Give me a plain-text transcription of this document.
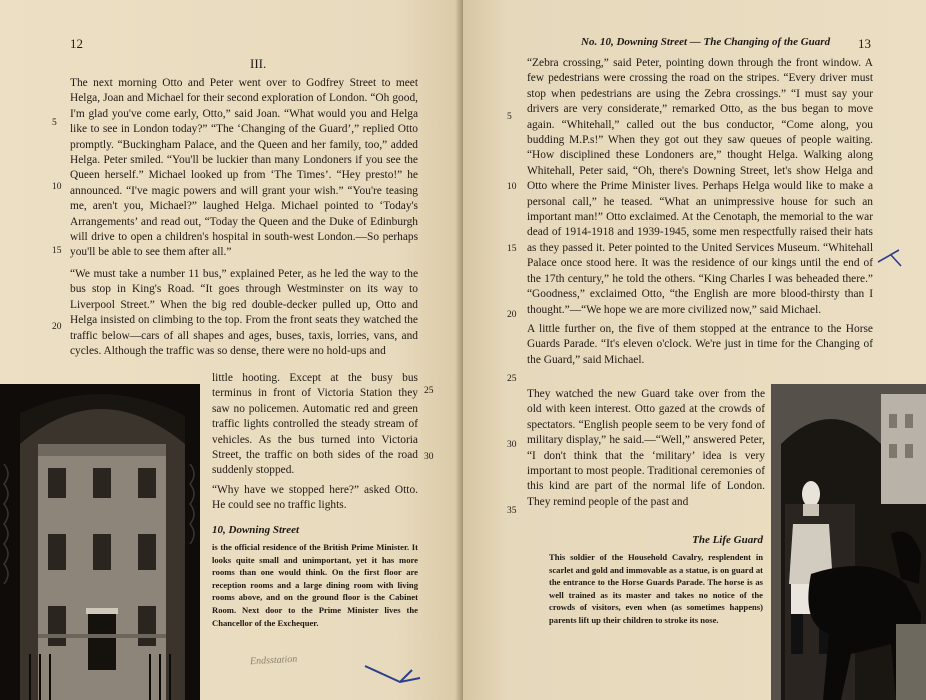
12
III.

The next morning Otto and Peter went over to Godfrey Street to meet Helga, Joan and Michael for their second exploration of London. “Oh good, I'm glad you've come early, Otto,” said Joan. “What would you and Helga like to see in London today?” “The ‘Changing of the Guard’,” replied Otto promptly. “Buckingham Palace, and the Queen and her family, too,” added Helga. Peter smiled. “You'll be luckier than many Londoners if you see the Queen herself.” Michael looked up from ‘The Times’. “Hey presto!” he announced. “I've magic powers and will grant your wish.” “You're teasing me, aren't you, Michael?” laughed Helga. Michael pointed to ‘Today's Arrangements’ and read out, “Today the Queen and the Duke of Edinburgh will drive to open a children's hospital in south-west London.—So perhaps you'll be able to see them after all.”

“We must take a number 11 bus,” explained Peter, as he led the way to the bus stop in King's Road. “It goes through Westminster on its way to Liverpool Street.” When the big red double-decker pulled up, Otto and Helga insisted on climbing to the top. From the front seats they watched the traffic below—cars of all shapes and ages, buses, taxis, lorries, vans, and cycles. Although the traffic was so dense, there were no hold-ups and

little hooting. Except at the busy bus terminus in front of Victoria Station they saw no policemen. Automatic red and green traffic lights controlled the steady stream of vehicles. As the bus turned into Victoria Street, the traffic on both sides of the road suddenly stopped.

“Why have we stopped here?” asked Otto. He could see no traffic lights.

5
10
15
20
25
30
10, Downing Street
is the official residence of the British Prime Minister. It looks quite small and unimportant, yet it has more rooms than one would think. On the first floor are reception rooms and a large dining room with living rooms above, and on the ground floor is the Cabinet Room. Next door to the Prime Minister lives the Chancellor of the Exchequer.
Endsstation
No. 10, Downing Street — The Changing of the Guard 13

“Zebra crossing,” said Peter, pointing down through the front window. A few pedestrians were crossing the road on the stripes. “Every driver must stop when pedestrians are using the Zebra crossings.” “I must say your drivers are very considerate,” remarked Otto, as the bus began to move again. “Whitehall,” called out the bus conductor, “Come along, you budding M.P.s!” When they got out they saw queues of people waiting. “How disciplined these Londoners are,” thought Helga. Walking along Whitehall, Peter said, “Oh, there's Downing Street, let's show Helga and Otto where the Prime Minister lives. Perhaps Helga would like to make a personal call,” he teased. “What an unimpressive house for such an important man!” Otto exclaimed. At the Cenotaph, the memorial to the war dead of 1914-1918 and 1939-1945, some men respectfully raised their hats as they passed it. Peter pointed to the United Services Museum. “Whitehall Palace once stood here. It was the residence of our kings until the end of the 17th century,” he told the others. “King Charles I was beheaded there.” “Goodness,” exclaimed Otto, “the English are more blood-thirsty than I thought.”—“We hope we are more civilized now,” said Michael.

A little further on, the five of them stopped at the entrance to the Horse Guards Parade. “It's eleven o'clock. We're just in time for the Changing of the Guard,” said Michael.

They watched the new Guard take over from the old with keen interest. Otto gazed at the crowds of spectators. “English people seem to be very fond of military display,” he said.—“Well,” answered Peter, “I don't think that the ‘military’ idea is very important to most people. Traditional ceremonies of this kind are part of the normal life of London. They remind people of the past and

5
10
15
20
25
30
35
The Life Guard
This soldier of the Household Cavalry, resplendent in scarlet and gold and immovable as a statue, is on guard at the entrance to the Horse Guards Parade. The horse is as well trained as its master and takes no notice of the crowds of visitors, even when (as sometimes happens) parents lift up their children to stroke its nose.
